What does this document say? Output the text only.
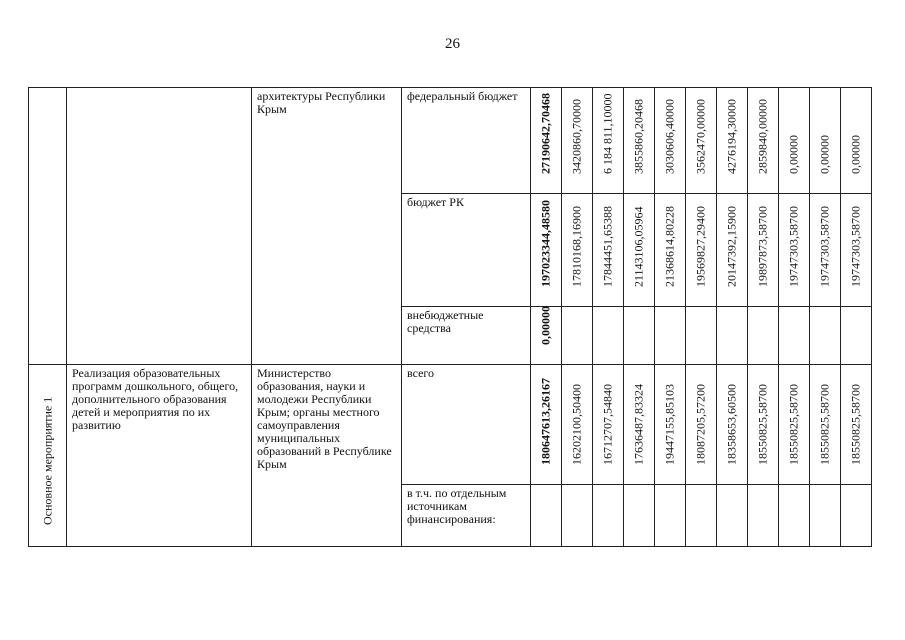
26

		архитектуры Республики Крым	федеральный бюджет	27190642,70468	3420860,70000	6 184 811,10000	3855860,20468	3030606,40000	3562470,00000	4276194,30000	2859840,00000	0,00000	0,00000	0,00000

			бюджет РК	197023344,48580	17810168,16900	17844451,65388	21143106,05964	21368614,80228	19569827,29400	20147392,15900	19897873,58700	19747303,58700	19747303,58700	19747303,58700

			внебюджетные средства	0,00000										

Основное мероприятие 1	Реализация образовательных программ дошкольного, общего, дополнительного образования детей и мероприятия по их развитию	Министерство образования, науки и молодежи Республики Крым; органы местного самоуправления муниципальных образований в Республике Крым	всего	180647613,26167	16202100,50400	16712707,54840	17636487,83324	19447155,85103	18087205,57200	18358653,60500	18550825,58700	18550825,58700	18550825,58700	18550825,58700

			в т.ч. по отдельным источникам финансирования:											
